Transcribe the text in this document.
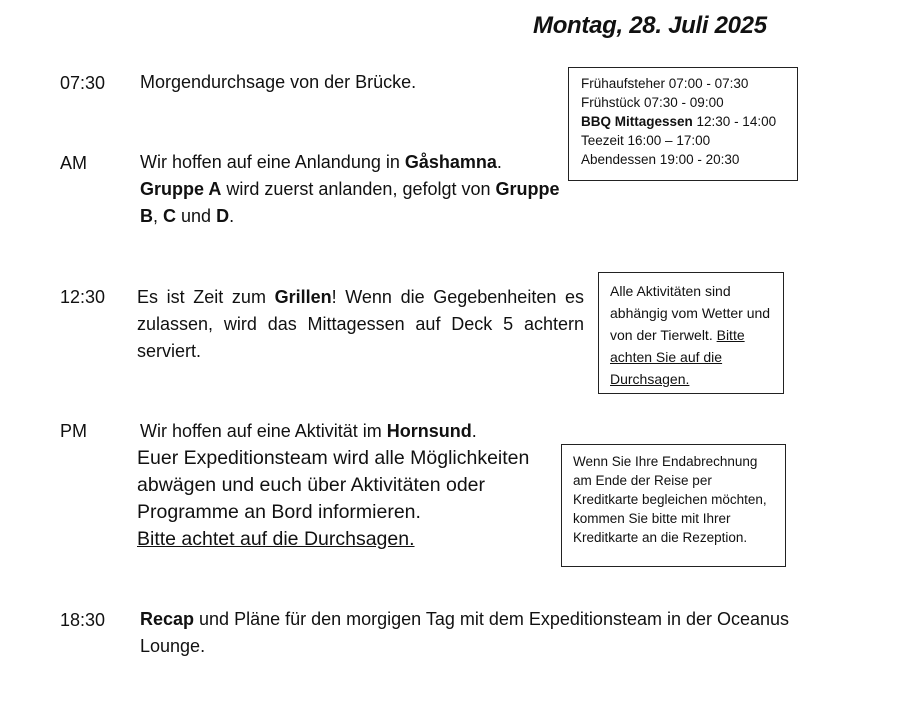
Montag, 28. Juli 2025
07:30 Morgendurchsage von der Brücke.
AM	Wir hoffen auf eine Anlandung in Gåshamna.
Gruppe A wird zuerst anlanden, gefolgt von Gruppe
B, C und D.
12:30 Es ist Zeit zum Grillen! Wenn die Gegebenheiten es zulassen, wird das Mittagessen auf Deck 5 achtern serviert.
PM	Wir hoffen auf eine Aktivität im Hornsund.
Euer Expeditionsteam wird alle Möglichkeiten abwägen und euch über Aktivitäten oder Programme an Bord informieren.
Bitte achtet auf die Durchsagen.
18:30 Recap und Pläne für den morgigen Tag mit dem Expeditionsteam in der Oceanus Lounge.
Frühaufsteher 07:00 - 07:30
Frühstück 07:30 - 09:00
BBQ Mittagessen 12:30 - 14:00
Teezeit 16:00 – 17:00
Abendessen 19:00 - 20:30
Alle Aktivitäten sind abhängig vom Wetter und von der Tierwelt. Bitte achten Sie auf die Durchsagen.
Wenn Sie Ihre Endabrechnung am Ende der Reise per Kreditkarte begleichen möchten, kommen Sie bitte mit Ihrer Kreditkarte an die Rezeption.
